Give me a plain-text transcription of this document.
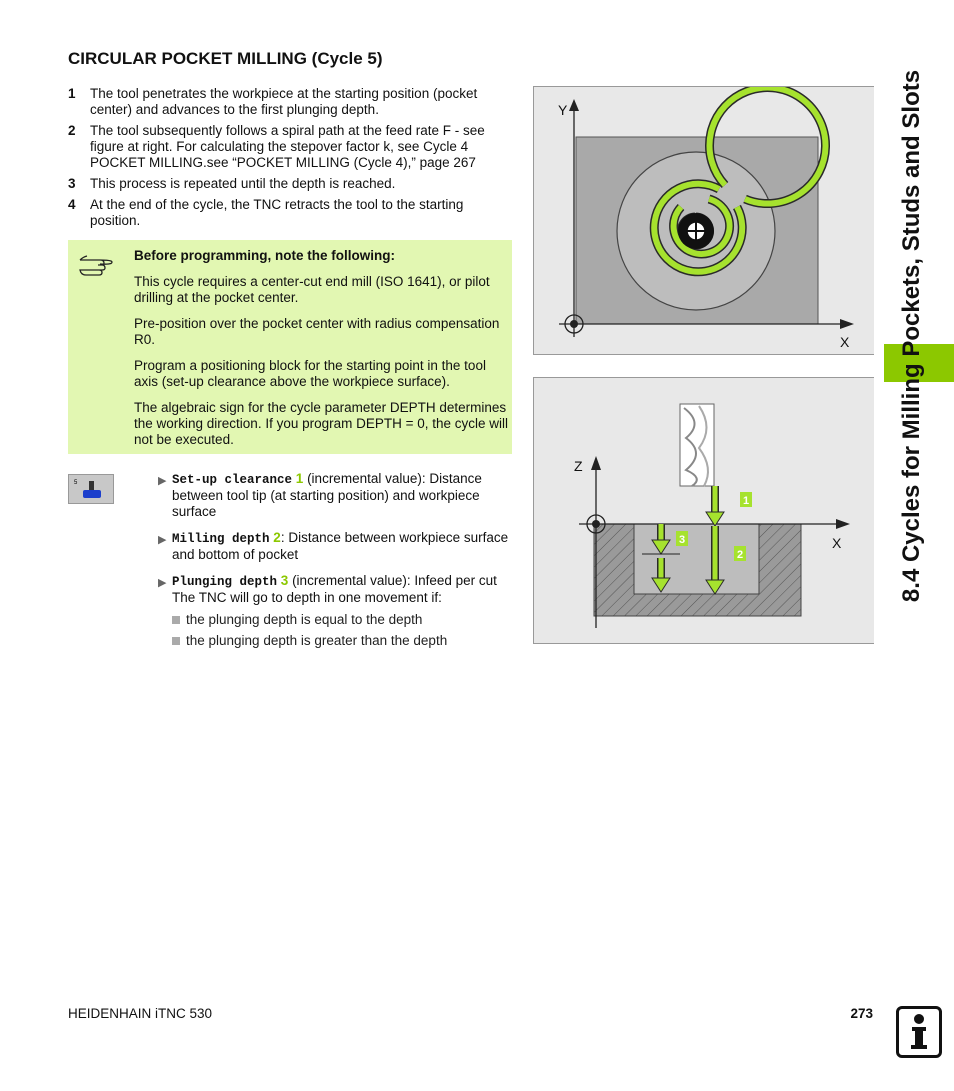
CIRCULAR POCKET MILLING (Cycle 5)
1	The tool penetrates the workpiece at the starting position (pocket center) and advances to the first plunging depth.
2	The tool subsequently follows a spiral path at the feed rate F - see figure at right. For calculating the stepover factor k, see Cycle 4 POCKET MILLING.see “POCKET MILLING (Cycle 4),” page 267
3	This process is repeated until the depth is reached.
4	At the end of the cycle, the TNC retracts the tool to the starting position.
Before programming, note the following:

This cycle requires a center-cut end mill (ISO 1641), or pilot drilling at the pocket center.

Pre-position over the pocket center with radius compensation R0.

Program a positioning block for the starting point in the tool axis (set-up clearance above the workpiece surface).

The algebraic sign for the cycle parameter DEPTH determines the working direction. If you program DEPTH = 0, the cycle will not be executed.

5	▶ Set-up clearance 1 (incremental value): Distance between tool tip (at starting position) and workpiece surface
▶ Milling depth 2: Distance between workpiece surface and bottom of pocket
▶ Plunging depth 3 (incremental value): Infeed per cut The TNC will go to depth in one movement if:
the plunging depth is equal to the depth
the plunging depth is greater than the depth
Y
X
Z
X
1
2
3	8.4 Cycles for Milling Pockets, Studs and Slots
HEIDENHAIN iTNC 530	273
